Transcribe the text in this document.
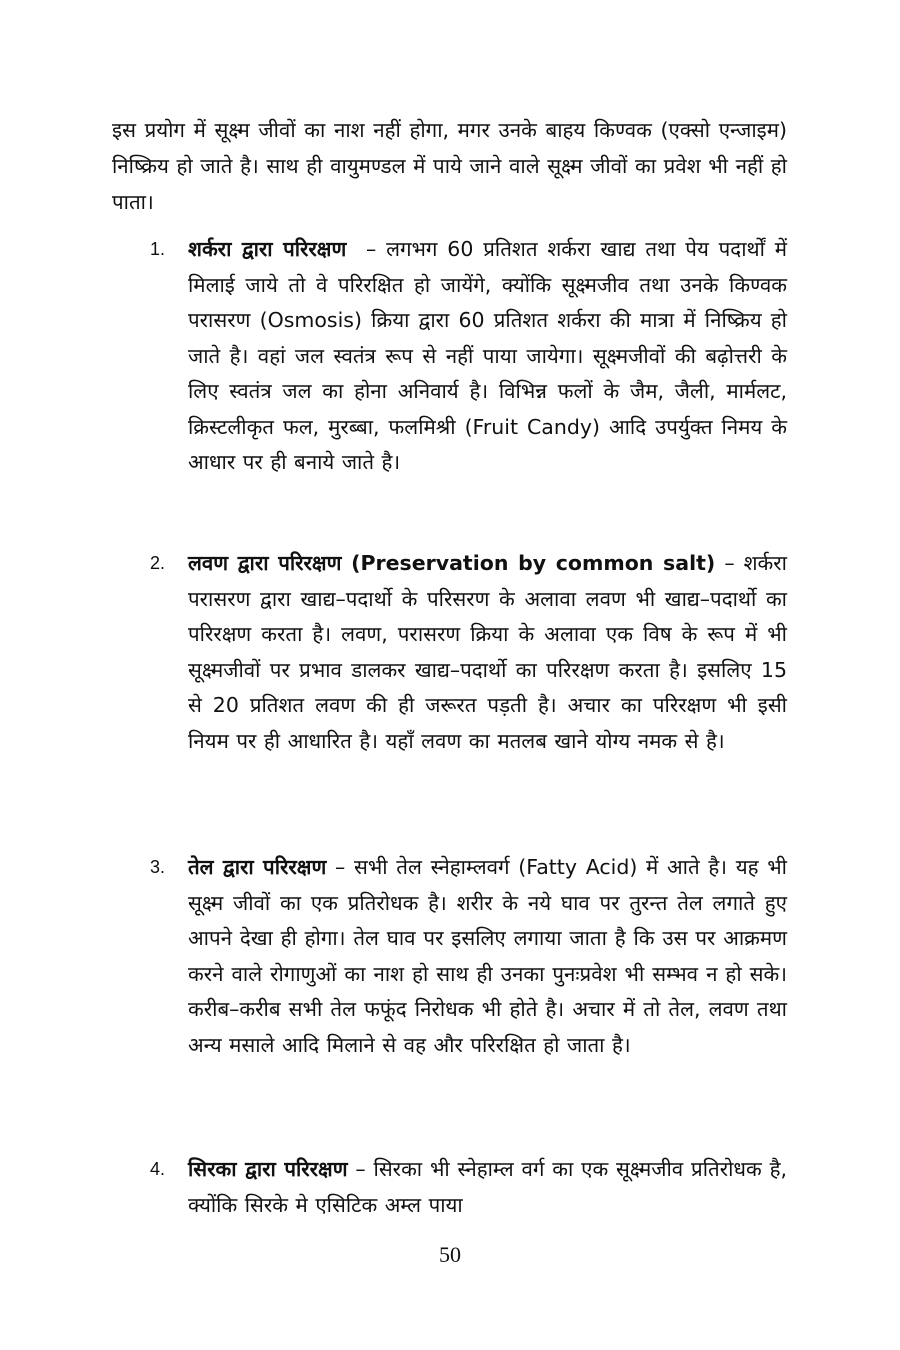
इस प्रयोग में सूक्ष्म जीवों का नाश नहीं होगा, मगर उनके बाहय किण्वक (एक्सो एन्जाइम) निष्क्रिय हो जाते है। साथ ही वायुमण्डल में पाये जाने वाले सूक्ष्म जीवों का प्रवेश भी नहीं हो पाता।

1. शर्करा द्वारा परिरक्षण  – लगभग 60 प्रतिशत शर्करा खाद्य तथा पेय पदार्थों में मिलाई जाये तो वे परिरक्षित हो जायेंगे, क्योंकि सूक्ष्मजीव तथा उनके किण्वक परासरण (Osmosis) क्रिया द्वारा 60 प्रतिशत शर्करा की मात्रा में निष्क्रिय हो जाते है। वहां जल स्वतंत्र रूप से नहीं पाया जायेगा। सूक्ष्मजीवों की बढ़ोत्तरी के लिए स्वतंत्र जल का होना अनिवार्य है। विभिन्न फलों के जैम, जैली, मार्मलट, क्रिस्टलीकृत फल, मुरब्बा, फलमिश्री (Fruit Candy) आदि उपर्युक्त निमय के आधार पर ही बनाये जाते है।
2. लवण द्वारा परिरक्षण (Preservation by common salt) – शर्करा परासरण द्वारा खाद्य–पदार्थो के परिसरण के अलावा लवण भी खाद्य–पदार्थो का परिरक्षण करता है। लवण, परासरण क्रिया के अलावा एक विष के रूप में भी सूक्ष्मजीवों पर प्रभाव डालकर खाद्य–पदार्थो का परिरक्षण करता है। इसलिए 15 से 20 प्रतिशत लवण की ही जरूरत पड़ती है। अचार का परिरक्षण भी इसी नियम पर ही आधारित है। यहाँ लवण का मतलब खाने योग्य नमक से है।
3. तेल द्वारा परिरक्षण – सभी तेल स्नेहाम्लवर्ग (Fatty Acid) में आते है। यह भी सूक्ष्म जीवों का एक प्रतिरोधक है। शरीर के नये घाव पर तुरन्त तेल लगाते हुए आपने देखा ही होगा। तेल घाव पर इसलिए लगाया जाता है कि उस पर आक्रमण करने वाले रोगाणुओं का नाश हो साथ ही उनका पुनःप्रवेश भी सम्भव न हो सके। करीब–करीब सभी तेल फफूंद निरोधक भी होते है। अचार में तो तेल, लवण तथा अन्य मसाले आदि मिलाने से वह और परिरक्षित हो जाता है।
4. सिरका द्वारा परिरक्षण – सिरका भी स्नेहाम्ल वर्ग का एक सूक्ष्मजीव प्रतिरोधक है, क्योंकि सिरके मे एसिटिक अम्ल पाया
50
